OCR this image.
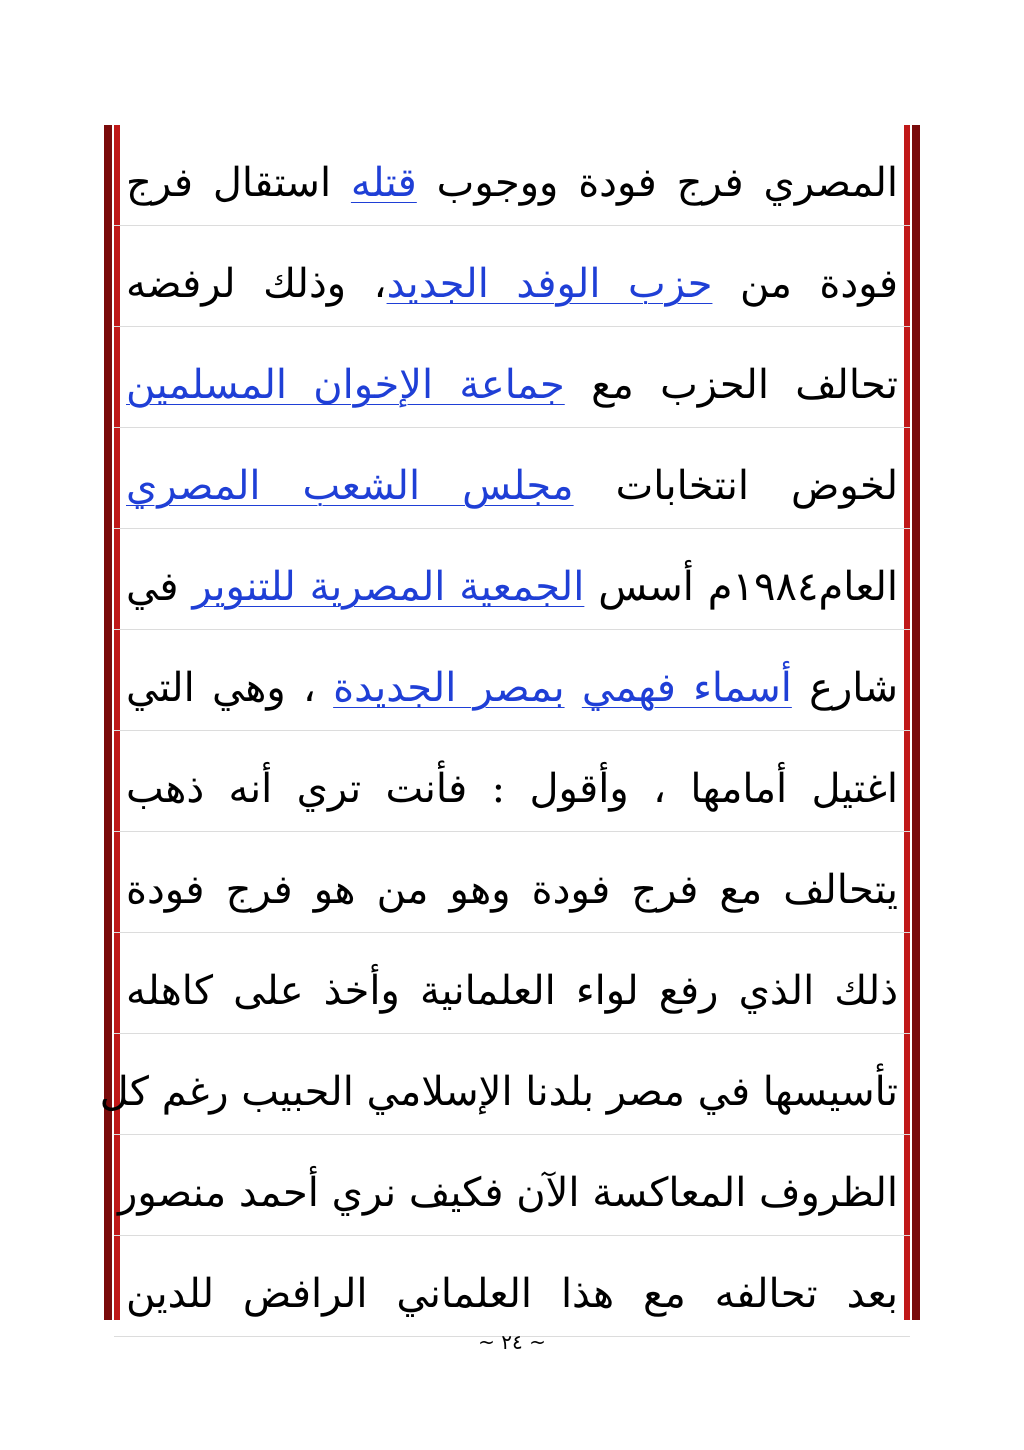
المصري فرج فودة ووجوب قتله استقال فرج
فودة من حزب الوفد الجديد، وذلك لرفضه
تحالف الحزب مع جماعة الإخوان المسلمين
لخوض انتخابات مجلس الشعب المصري
العام١٩٨٤م أسس الجمعية المصرية للتنوير في
شارع أسماء فهمي بمصر الجديدة ، وهي التي
اغتيل أمامها ، وأقول : فأنت تري أنه ذهب
يتحالف مع فرج فودة وهو من هو فرج فودة
ذلك الذي رفع لواء العلمانية وأخذ على كاهله
تأسيسها في مصر بلدنا الإسلامي الحبيب رغم كل
الظروف المعاكسة الآن فكيف نري أحمد منصور
بعد تحالفه مع هذا العلماني الرافض للدين
~ ٢٤ ~
